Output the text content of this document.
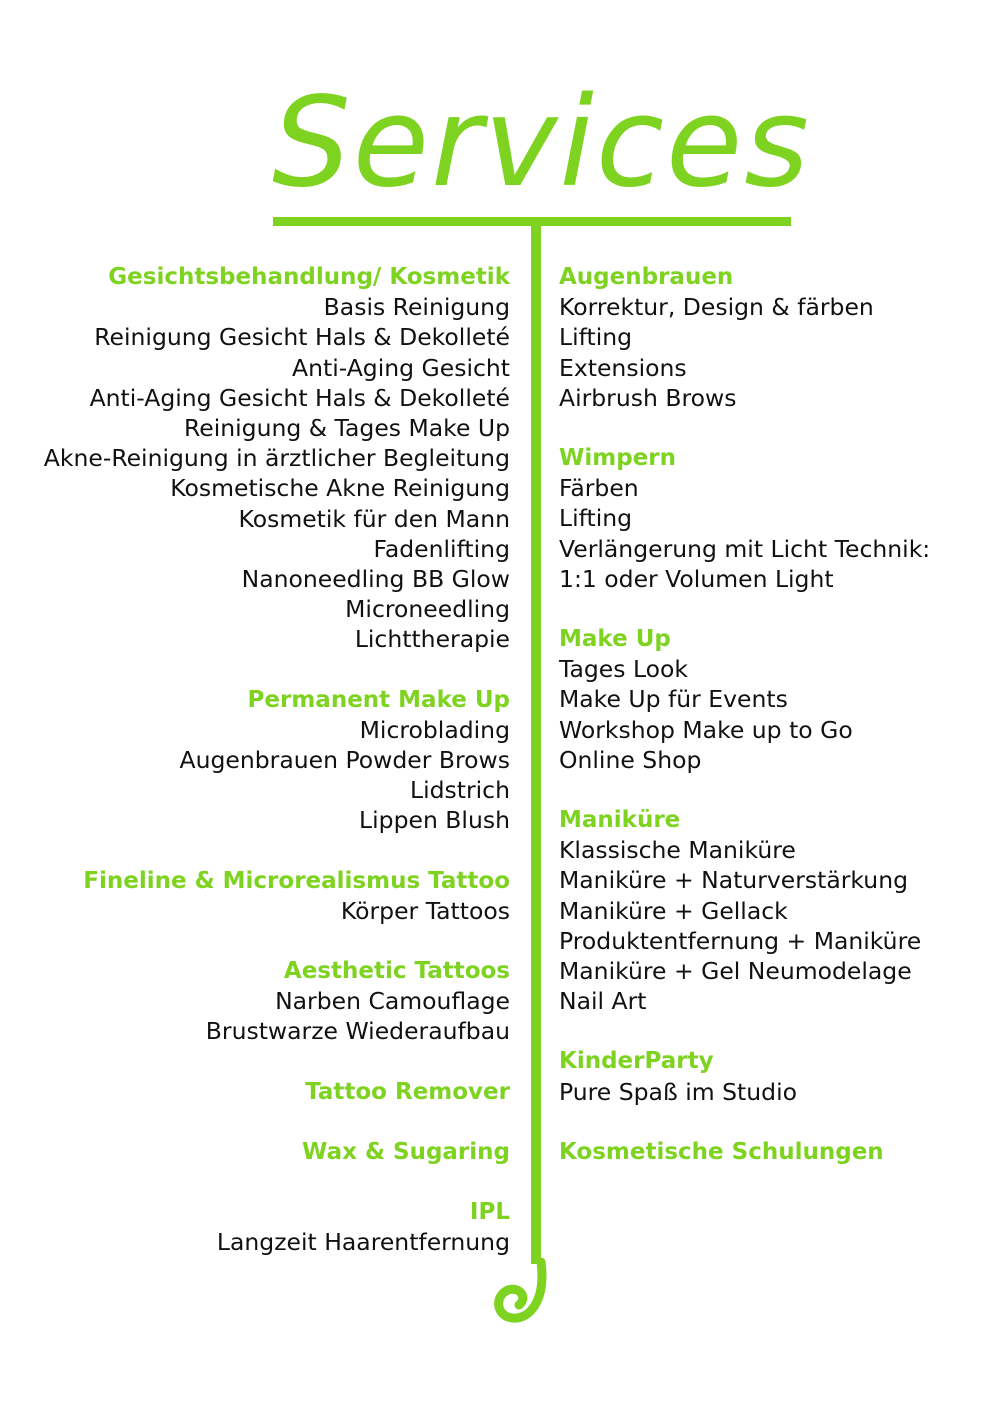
Services
Gesichtsbehandlung/ Kosmetik
Basis Reinigung
Reinigung Gesicht Hals & Dekolleté
Anti-Aging Gesicht
Anti-Aging Gesicht Hals & Dekolleté
Reinigung & Tages Make Up
Akne-Reinigung in ärztlicher Begleitung
Kosmetische Akne Reinigung
Kosmetik für den Mann
Fadenlifting
Nanoneedling BB Glow
Microneedling
Lichttherapie
Permanent Make Up
Microblading
Augenbrauen Powder Brows
Lidstrich
Lippen Blush
Fineline & Microrealismus Tattoo
Körper Tattoos
Aesthetic Tattoos
Narben Camouflage
Brustwarze Wiederaufbau
Tattoo Remover
Wax & Sugaring
IPL
Langzeit Haarentfernung
Augenbrauen
Korrektur, Design & färben
Lifting
Extensions
Airbrush Brows
Wimpern
Färben
Lifting
Verlängerung mit Licht Technik:
1:1 oder Volumen Light
Make Up
Tages Look
Make Up für Events
Workshop Make up to Go
Online Shop
Maniküre
Klassische Maniküre
Maniküre + Naturverstärkung
Maniküre + Gellack
Produktentfernung + Maniküre
Maniküre + Gel Neumodelage
Nail Art
KinderParty
Pure Spaß im Studio
Kosmetische Schulungen
